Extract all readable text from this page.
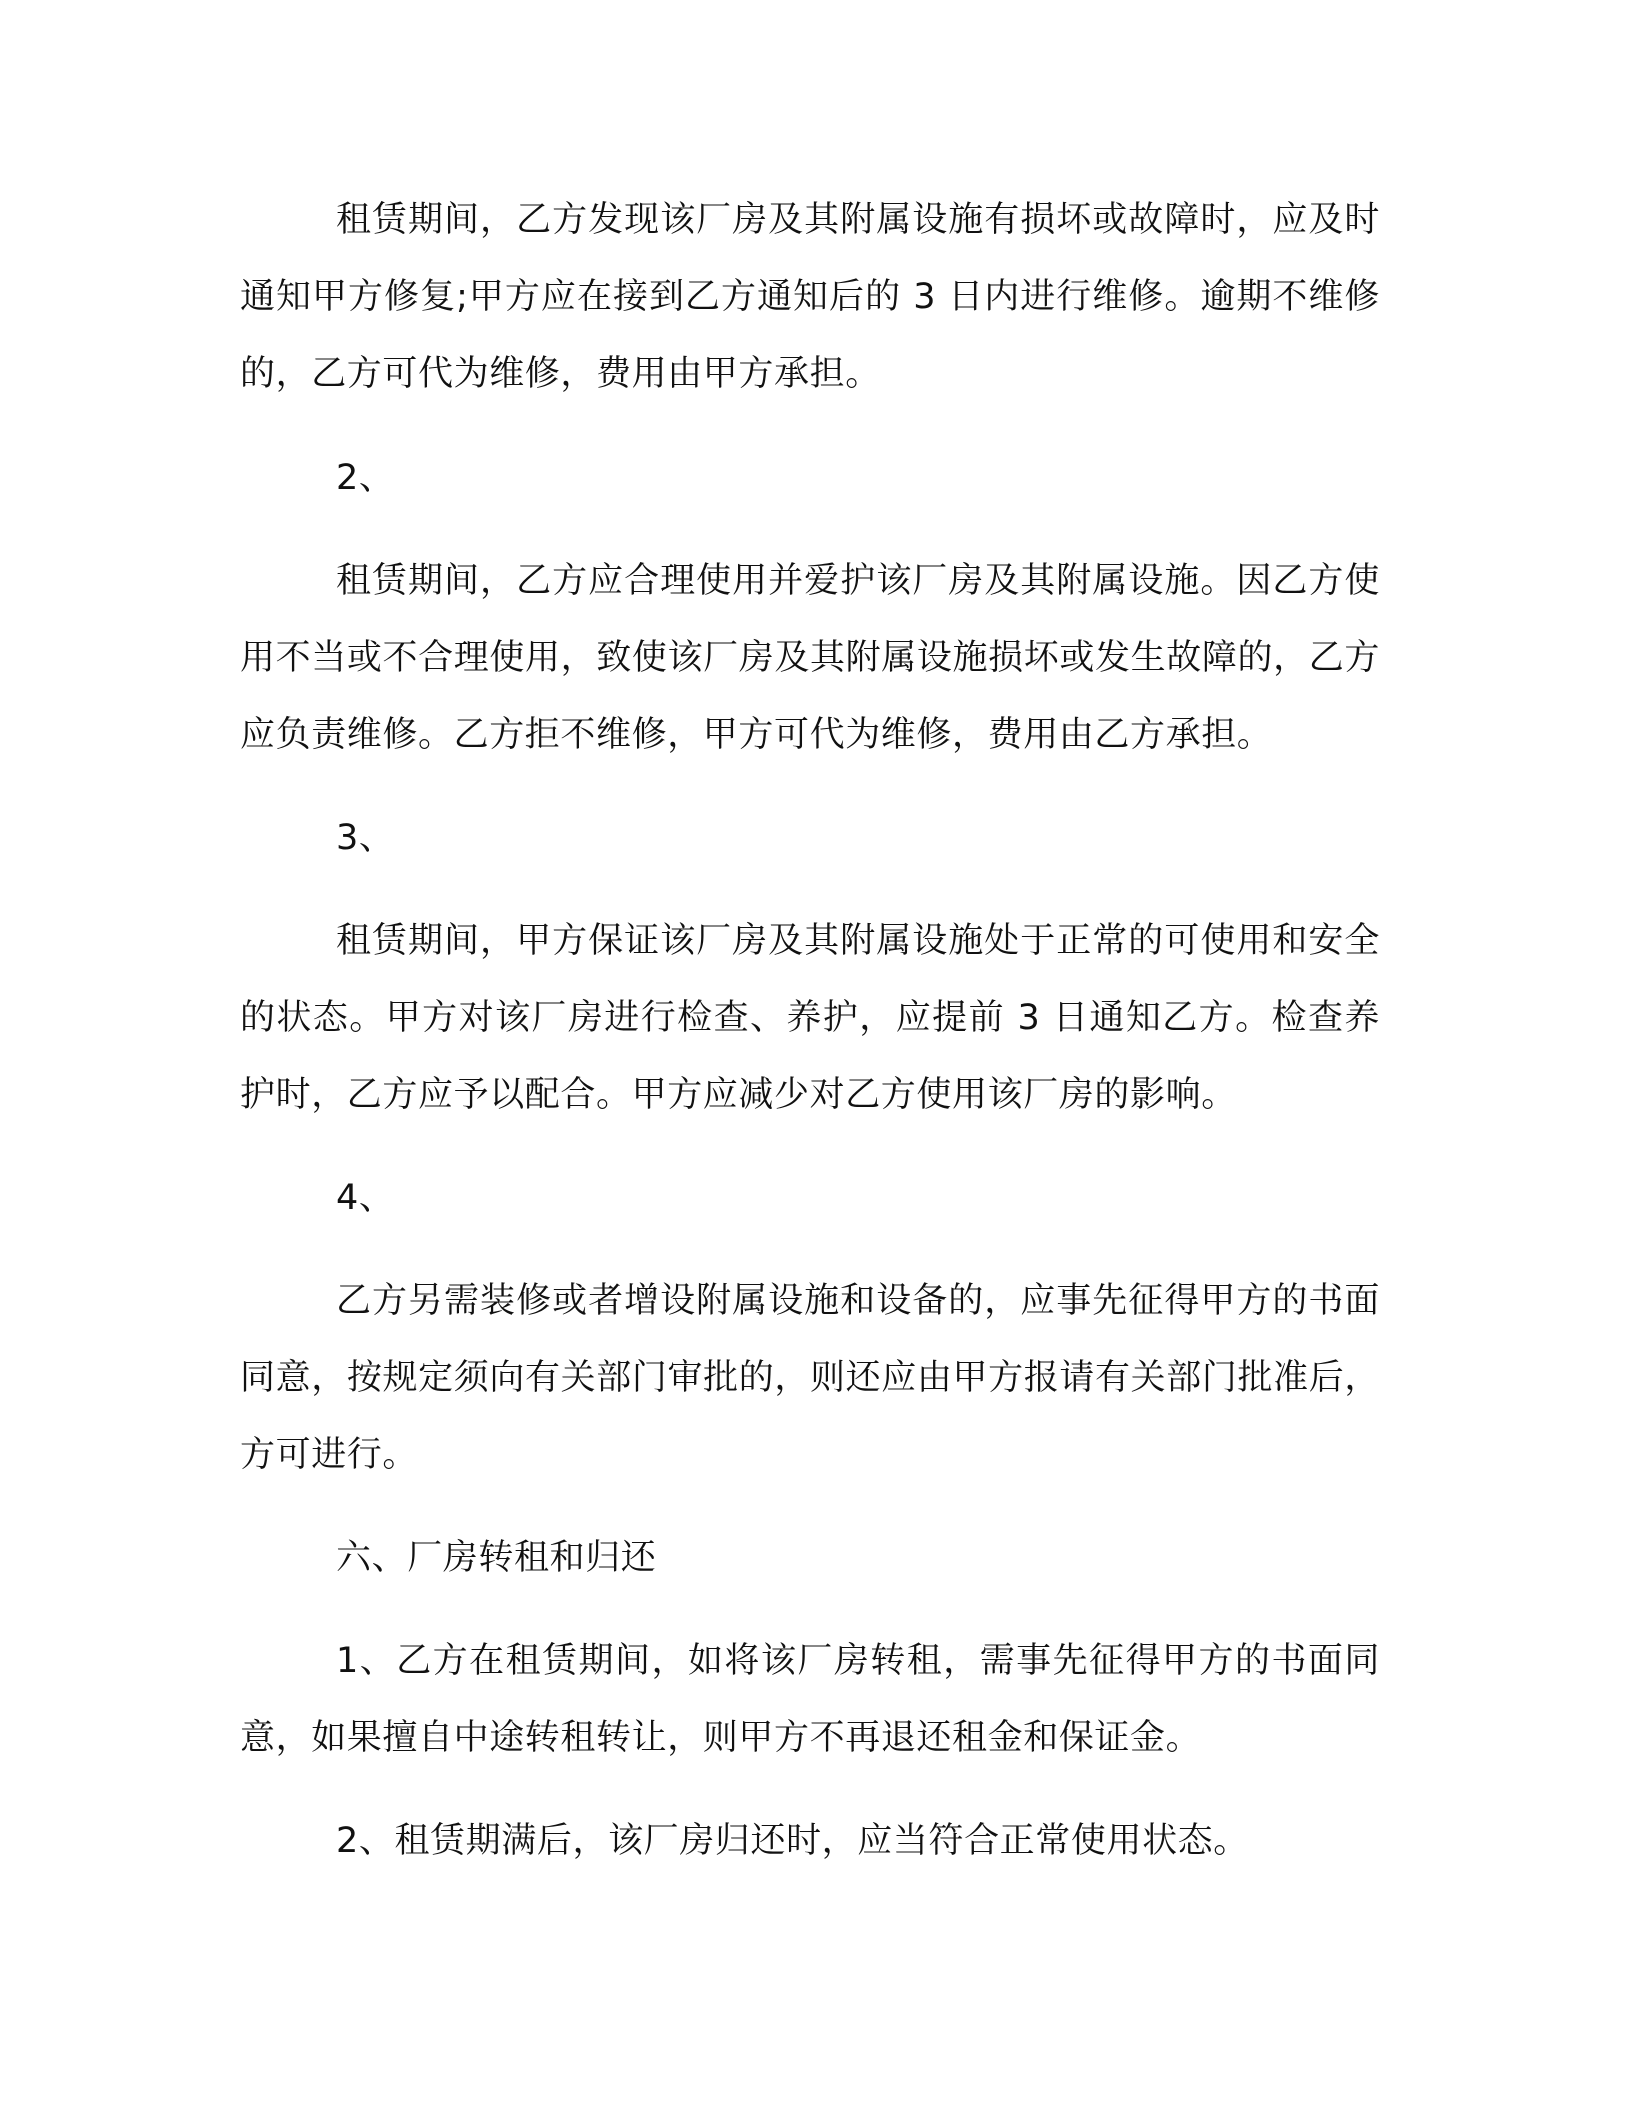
租赁期间，乙方发现该厂房及其附属设施有损坏或故障时，应及时通知甲方修复;甲方应在接到乙方通知后的 3 日内进行维修。逾期不维修的，乙方可代为维修，费用由甲方承担。

2、

租赁期间，乙方应合理使用并爱护该厂房及其附属设施。因乙方使用不当或不合理使用，致使该厂房及其附属设施损坏或发生故障的，乙方应负责维修。乙方拒不维修，甲方可代为维修，费用由乙方承担。

3、

租赁期间，甲方保证该厂房及其附属设施处于正常的可使用和安全的状态。甲方对该厂房进行检查、养护，应提前 3 日通知乙方。检查养护时，乙方应予以配合。甲方应减少对乙方使用该厂房的影响。

4、

乙方另需装修或者增设附属设施和设备的，应事先征得甲方的书面同意，按规定须向有关部门审批的，则还应由甲方报请有关部门批准后，方可进行。

六、厂房转租和归还

1、乙方在租赁期间，如将该厂房转租，需事先征得甲方的书面同意，如果擅自中途转租转让，则甲方不再退还租金和保证金。

2、租赁期满后，该厂房归还时，应当符合正常使用状态。
